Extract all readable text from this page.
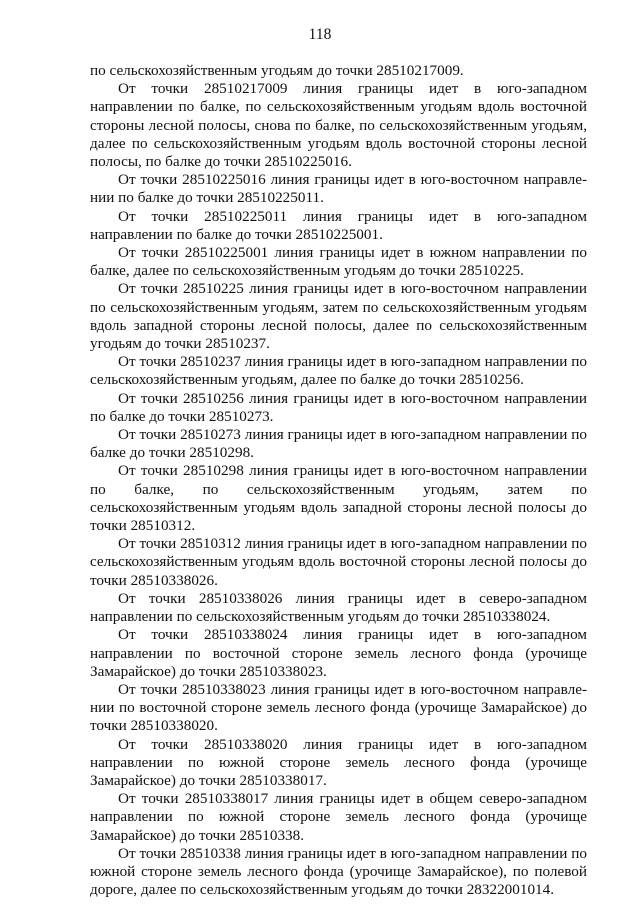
118

по сельскохозяйственным угодьям до точки 28510217009.

От точки 28510217009 линия границы идет в юго-западном направлении по балке, по сельскохозяйственным угодьям вдоль восточной стороны лесной полосы, снова по балке, по сельскохозяйственным угодьям, далее по сельскохозяйственным угодьям вдоль восточной стороны лесной полосы, по балке до точки 28510225016.

От точки 28510225016 линия границы идет в юго-восточном направлении по балке до точки 28510225011.

От точки 28510225011 линия границы идет в юго-западном направлении по балке до точки 28510225001.

От точки 28510225001 линия границы идет в южном направлении по балке, далее по сельскохозяйственным угодьям до точки 28510225.

От точки 28510225 линия границы идет в юго-восточном направлении по сельскохозяйственным угодьям, затем по сельскохозяйственным угодьям вдоль западной стороны лесной полосы, далее по сельскохозяйственным угодьям до точки 28510237.

От точки 28510237 линия границы идет в юго-западном направлении по сельскохозяйственным угодьям, далее по балке до точки 28510256.

От точки 28510256 линия границы идет в юго-восточном направлении по балке до точки 28510273.

От точки 28510273 линия границы идет в юго-западном направлении по балке до точки 28510298.

От точки 28510298 линия границы идет в юго-восточном направлении по балке, по сельскохозяйственным угодьям, затем по сельскохозяйственным угодьям вдоль западной стороны лесной полосы до точки 28510312.

От точки 28510312 линия границы идет в юго-западном направлении по сельскохозяйственным угодьям вдоль восточной стороны лесной полосы до точки 28510338026.

От точки 28510338026 линия границы идет в северо-западном направлении по сельскохозяйственным угодьям до точки 28510338024.

От точки 28510338024 линия границы идет в юго-западном направлении по восточной стороне земель лесного фонда (урочище Замарайское) до точки 28510338023.

От точки 28510338023 линия границы идет в юго-восточном направлении по восточной стороне земель лесного фонда (урочище Замарайское) до точки 28510338020.

От точки 28510338020 линия границы идет в юго-западном направлении по южной стороне земель лесного фонда (урочище Замарайское) до точки 28510338017.

От точки 28510338017 линия границы идет в общем северо-западном направлении по южной стороне земель лесного фонда (урочище Замарайское) до точки 28510338.

От точки 28510338 линия границы идет в юго-западном направлении по южной стороне земель лесного фонда (урочище Замарайское), по полевой дороге, далее по сельскохозяйственным угодьям до точки 28322001014.
